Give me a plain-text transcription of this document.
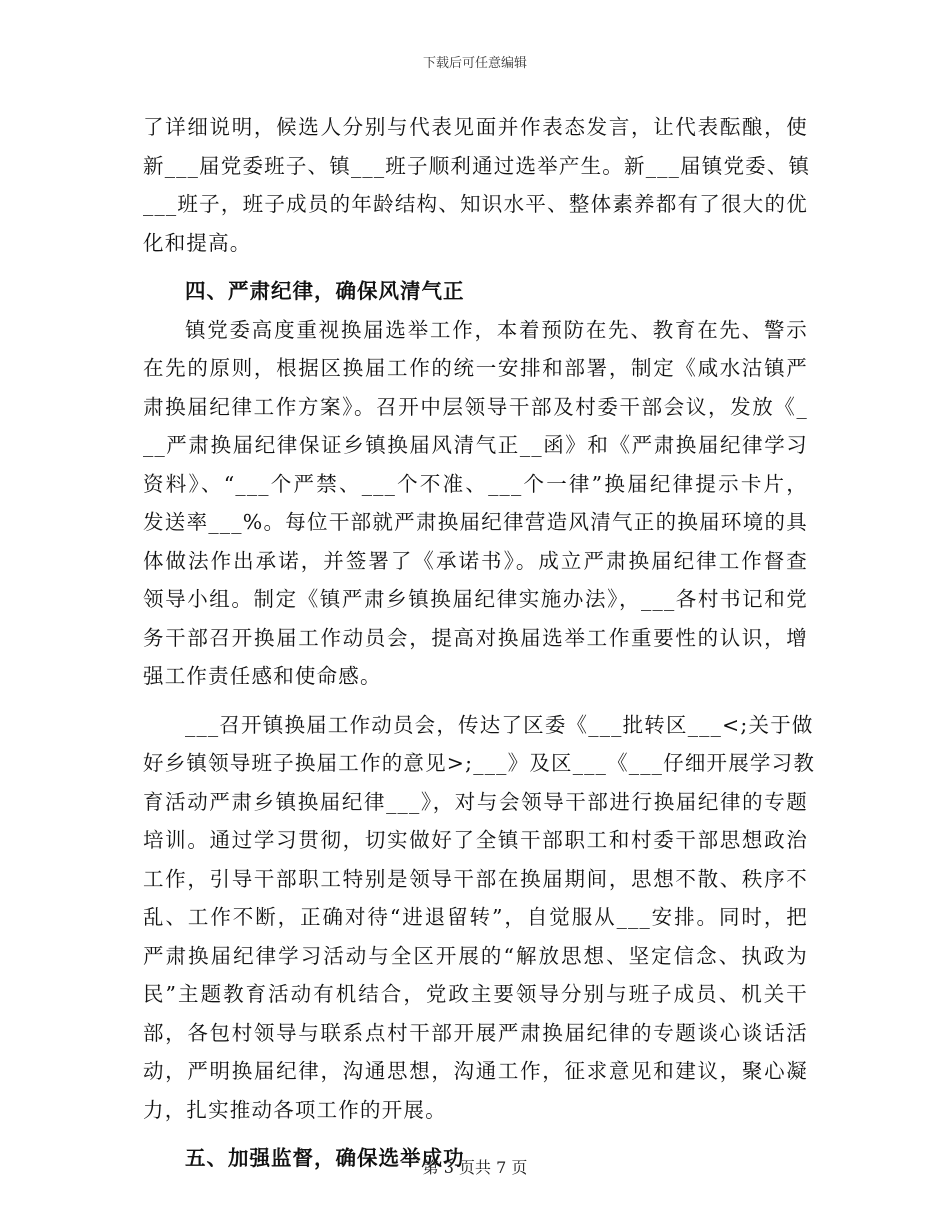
下载后可任意编辑
了详细说明，候选人分别与代表见面并作表态发言，让代表酝酿，使
新___届党委班子、镇___班子顺利通过选举产生。新___届镇党委、镇
___班子，班子成员的年龄结构、知识水平、整体素养都有了很大的优
化和提高。
四、严肃纪律，确保风清气正
镇党委高度重视换届选举工作，本着预防在先、教育在先、警示
在先的原则，根据区换届工作的统一安排和部署，制定《咸水沽镇严
肃换届纪律工作方案》。召开中层领导干部及村委干部会议，发放《_
__严肃换届纪律保证乡镇换届风清气正__函》和《严肃换届纪律学习
资料》、“___个严禁、___个不准、___个一律”换届纪律提示卡片，
发送率___%。每位干部就严肃换届纪律营造风清气正的换届环境的具
体做法作出承诺，并签署了《承诺书》。成立严肃换届纪律工作督查
领导小组。制定《镇严肃乡镇换届纪律实施办法》，___各村书记和党
务干部召开换届工作动员会，提高对换届选举工作重要性的认识，增
强工作责任感和使命感。
___召开镇换届工作动员会，传达了区委《___批转区___<;关于做
好乡镇领导班子换届工作的意见>;___》及区___《___仔细开展学习教
育活动严肃乡镇换届纪律___》，对与会领导干部进行换届纪律的专题
培训。通过学习贯彻，切实做好了全镇干部职工和村委干部思想政治
工作，引导干部职工特别是领导干部在换届期间，思想不散、秩序不
乱、工作不断，正确对待“进退留转”，自觉服从___安排。同时，把
严肃换届纪律学习活动与全区开展的“解放思想、坚定信念、执政为
民”主题教育活动有机结合，党政主要领导分别与班子成员、机关干
部，各包村领导与联系点村干部开展严肃换届纪律的专题谈心谈话活
动，严明换届纪律，沟通思想，沟通工作，征求意见和建议，聚心凝
力，扎实推动各项工作的开展。
五、加强监督，确保选举成功
第 3 页共 7 页
